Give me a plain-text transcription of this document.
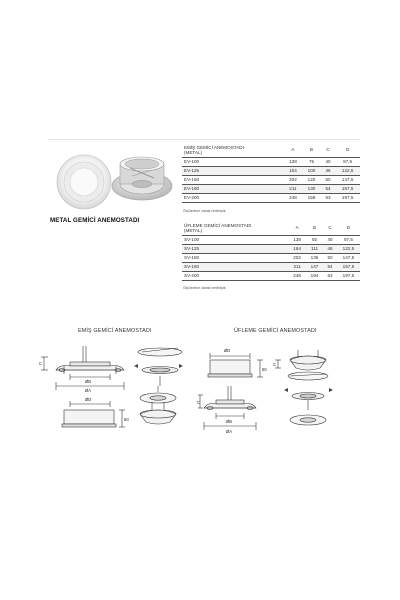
METAL GEMİCİ ANEMOSTADI
EMİŞ GEMİCİ ANEMOSTADI
(METAL)	A	B	C	D
EV-100	138	75	40	97,5
EV-125	164	100	46	122,5
EV-150	202	120	50	147,5
EV-160	211	130	54	157,5
EV-200	248	158	63	197,5
Ölçülerimm olarak verilmiştir.
ÜFLEME GEMİCİ ANEMOSTADI
(METAL)	A	B	C	D
SV-100	138	92	40	97,5
SV-125	164	111	46	122,5
SV-150	202	135	50	147,5
SV-160	211	147	54	157,5
SV-200	248	194	63	197,5
Ölçülerimm olarak verilmiştir.
EMİŞ GEMİCİ ANEMOSTADI	ÜFLEME GEMİCİ ANEMOSTADI
C
ØB
ØA
ØD
50
ØD
50
C
C
ØB
ØA
